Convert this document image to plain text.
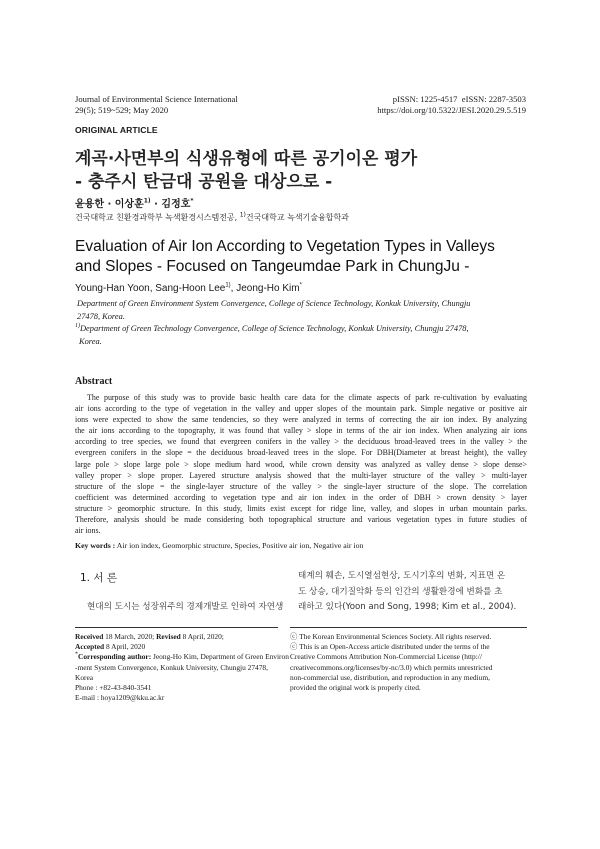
Journal of Environmental Science International
29(5); 519~529; May 2020
pISSN: 1225-4517  eISSN: 2287-3503
https://doi.org/10.5322/JESI.2020.29.5.519
ORIGINAL ARTICLE
계곡·사면부의 식생유형에 따른 공기이온 평가
- 충주시 탄금대 공원을 대상으로 -
윤용한 · 이상훈$^{1)}$ · 김정호*
건국대학교 친환경과학부 녹색환경시스템전공, $^{1)}$건국대학교 녹색기술융합학과
Evaluation of Air Ion According to Vegetation Types in Valleys
and Slopes - Focused on Tangeumdae Park in ChungJu -
Young-Han Yoon, Sang-Hoon Lee$^{1)}$, Jeong-Ho Kim*
Department of Green Environment System Convergence, College of Science Technology, Konkuk University, Chungju
27478, Korea.
$^{1)}$Department of Green Technology Convergence, College of Science Technology, Konkuk University, Chungju 27478,
Korea.
Abstract
The purpose of this study was to provide basic health care data for the climate aspects of park re-cultivation by evaluating
air ions according to the type of vegetation in the valley and upper slopes of the mountain park. Simple negative or positive air
ions were expected to show the same tendencies, so they were analyzed in terms of correcting the air ion index. By analyzing
the air ions according to the topography, it was found that valley > slope in terms of the air ion index. When analyzing air ions
according to tree species, we found that evergreen conifers in the valley > the deciduous broad-leaved trees in the valley > the
evergreen conifers in the slope = the deciduous broad-leaved trees in the slope. For DBH(Diameter at breast height), the valley
large pole > slope large pole > slope medium hard wood, while crown density was analyzed as valley dense > slope dense>
valley proper > slope proper. Layered structure analysis showed that the multi-layer structure of the valley > multi-layer
structure of the slope = the single-layer structure of the valley > the single-layer structure of the slope. The correlation
coefficient was determined according to vegetation type and air ion index in the order of DBH > crown density > layer
structure > geomorphic structure. In this study, limits exist except for ridge line, valley, and slopes in urban mountain parks.
Therefore, analysis should be made considering both topographical structure and various vegetation types in future studies of
air ions.
Key words : Air ion index, Geomorphic structure, Species, Positive air ion, Negative air ion
1. 서 론
현대의 도시는 성장위주의 경제개발로 인하여 자연생
태계의 훼손, 도시열섬현상, 도시기후의 변화, 지표면 온
도 상승, 대기질악화 등의 인간의 생활환경에 변화를 초
래하고 있다(Yoon and Song, 1998; Kim et al., 2004).
Received 18 March, 2020; Revised 8 April, 2020;
Accepted 8 April, 2020
*Corresponding author: Jeong-Ho Kim, Department of Green Environ
-ment System Convergence, Konkuk University, Chungju 27478,
Korea
Phone : +82-43-840-3541
E-mail : hoya1209@kku.ac.kr
ⓒ The Korean Environmental Sciences Society. All rights reserved.
ⓒ This is an Open-Access article distributed under the terms of the
Creative Commons Attribution Non-Commercial License (http://
creativecommons.org/licenses/by-nc/3.0) which permits unrestricted
non-commercial use, distribution, and reproduction in any medium,
provided the original work is properly cited.
